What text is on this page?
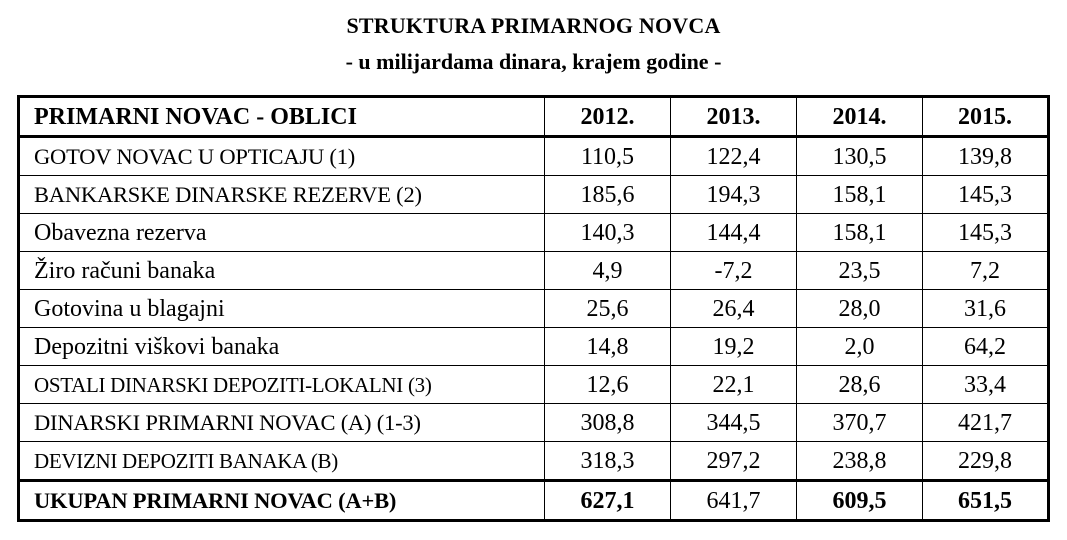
STRUKTURA PRIMARNOG NOVCA
- u milijardama dinara, krajem godine -
PRIMARNI NOVAC - OBLICI	2012.	2013.	2014.	2015.
GOTOV NOVAC U OPTICAJU (1)	110,5	122,4	130,5	139,8
BANKARSKE DINARSKE REZERVE (2)	185,6	194,3	158,1	145,3
Obavezna rezerva	140,3	144,4	158,1	145,3
Žiro računi banaka	4,9	-7,2	23,5	7,2
Gotovina u blagajni	25,6	26,4	28,0	31,6
Depozitni viškovi banaka	14,8	19,2	2,0	64,2
OSTALI DINARSKI DEPOZITI-LOKALNI (3)	12,6	22,1	28,6	33,4
DINARSKI PRIMARNI NOVAC (A) (1-3)	308,8	344,5	370,7	421,7
DEVIZNI DEPOZITI BANAKA (B)	318,3	297,2	238,8	229,8
UKUPAN PRIMARNI NOVAC (A+B)	627,1	641,7	609,5	651,5
